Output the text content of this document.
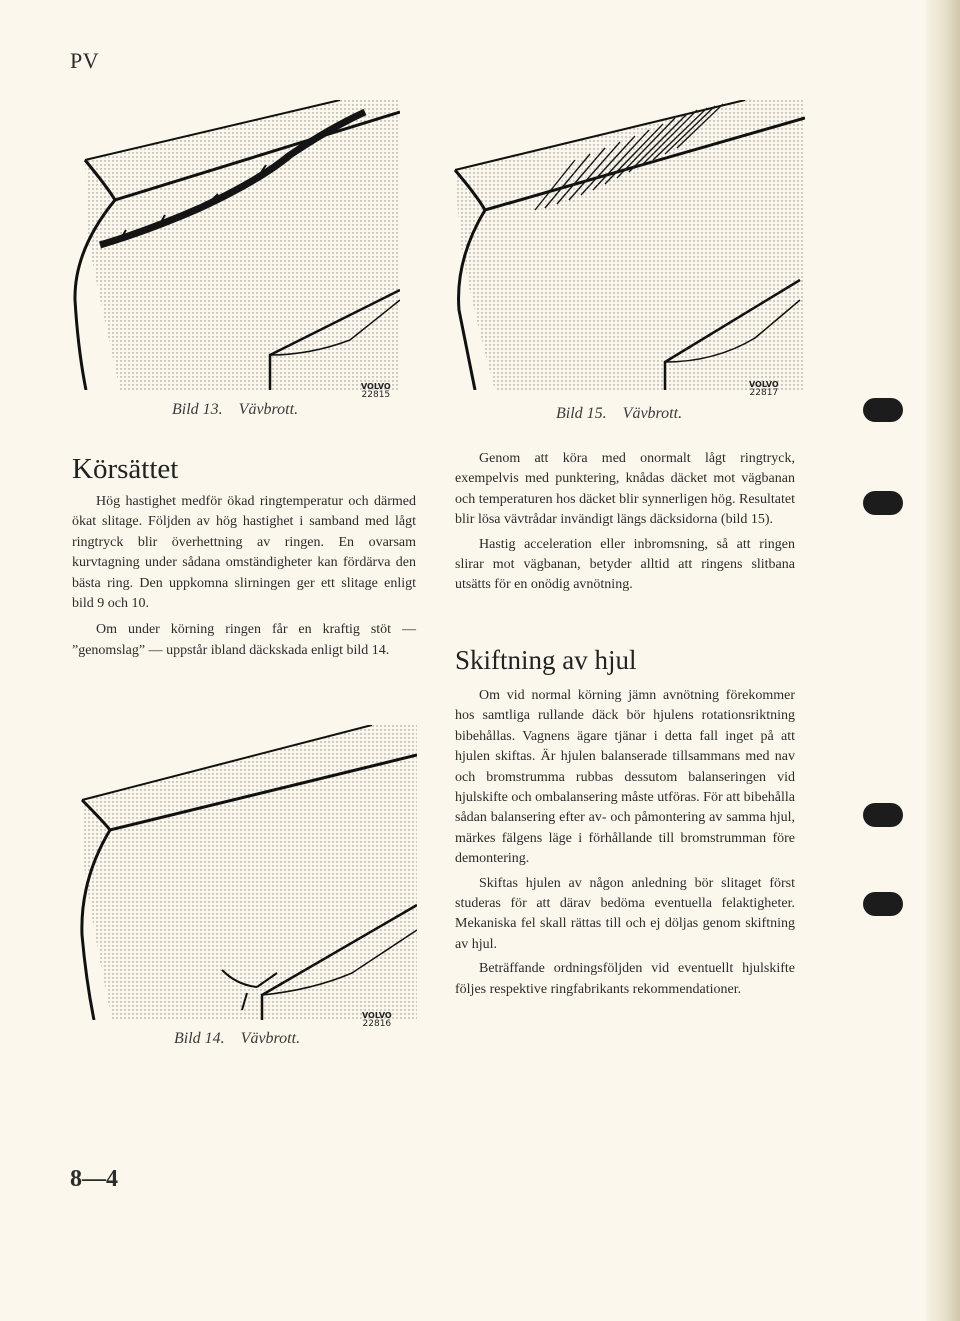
PV
Bild 13. Vävbrott.
VOLVO
22815
Bild 15. Vävbrott.
VOLVO
22817
Körsättet

Hög hastighet medför ökad ringtemperatur och därmed ökat slitage. Följden av hög hastighet i samband med lågt ringtryck blir överhettning av ringen. En ovarsam kurvtagning under sådana omständigheter kan fördärva den bästa ring. Den uppkomna slirningen ger ett slitage enligt bild 9 och 10.

Om under körning ringen får en kraftig stöt — ”genomslag” — uppstår ibland däckskada enligt bild 14.

Bild 14. Vävbrott.
VOLVO
22816

Genom att köra med onormalt lågt ringtryck, exempelvis med punktering, knådas däcket mot vägbanan och temperaturen hos däcket blir synnerligen hög. Resultatet blir lösa vävtrådar invändigt längs däcksidorna (bild 15).

Hastig acceleration eller inbromsning, så att ringen slirar mot vägbanan, betyder alltid att ringens slitbana utsätts för en onödig avnötning.

Skiftning av hjul

Om vid normal körning jämn avnötning förekommer hos samtliga rullande däck bör hjulens rotationsriktning bibehållas. Vagnens ägare tjänar i detta fall inget på att hjulen skiftas. Är hjulen balanserade tillsammans med nav och bromstrumma rubbas dessutom balanseringen vid hjulskifte och ombalansering måste utföras. För att bibehålla sådan balansering efter av- och påmontering av samma hjul, märkes fälgens läge i förhållande till bromstrumman före demontering.

Skiftas hjulen av någon anledning bör slitaget först studeras för att därav bedöma eventuella felaktigheter. Mekaniska fel skall rättas till och ej döljas genom skiftning av hjul.

Beträffande ordningsföljden vid eventuellt hjulskifte följes respektive ringfabrikants rekommendationer.

8—4
